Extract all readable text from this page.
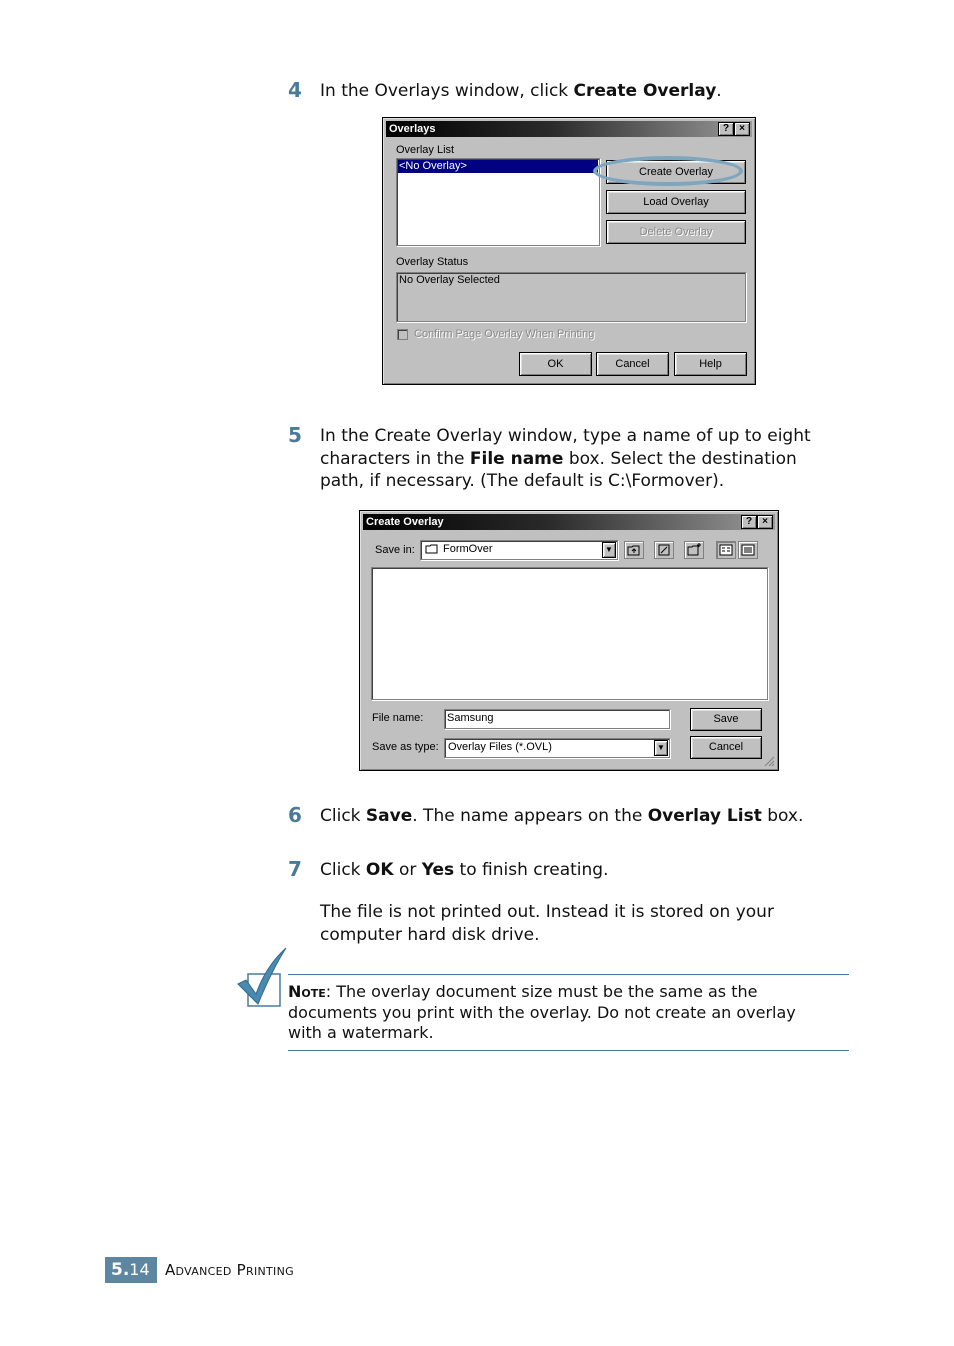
4 In the Overlays window, click Create Overlay.
Overlays	?	×
Overlay List
<No Overlay>	Create Overlay
Load Overlay
Delete Overlay
Overlay Status
No Overlay Selected
Confirm Page Overlay When Printing
OK	Cancel	Help
5 In the Create Overlay window, type a name of up to eight
characters in the File name box. Select the destination
path, if necessary. (The default is C:\Formover).
Create Overlay	?	×
Save in:	FormOver	▼
File name: Samsung	Save
Save as type: Overlay Files (*.OVL)	▼	Cancel
6 Click Save. The name appears on the Overlay List box.
7 Click OK or Yes to finish creating.
The file is not printed out. Instead it is stored on your
computer hard disk drive.
Note: The overlay document size must be the same as the
documents you print with the overlay. Do not create an overlay
with a watermark.
5.14	Advanced Printing
